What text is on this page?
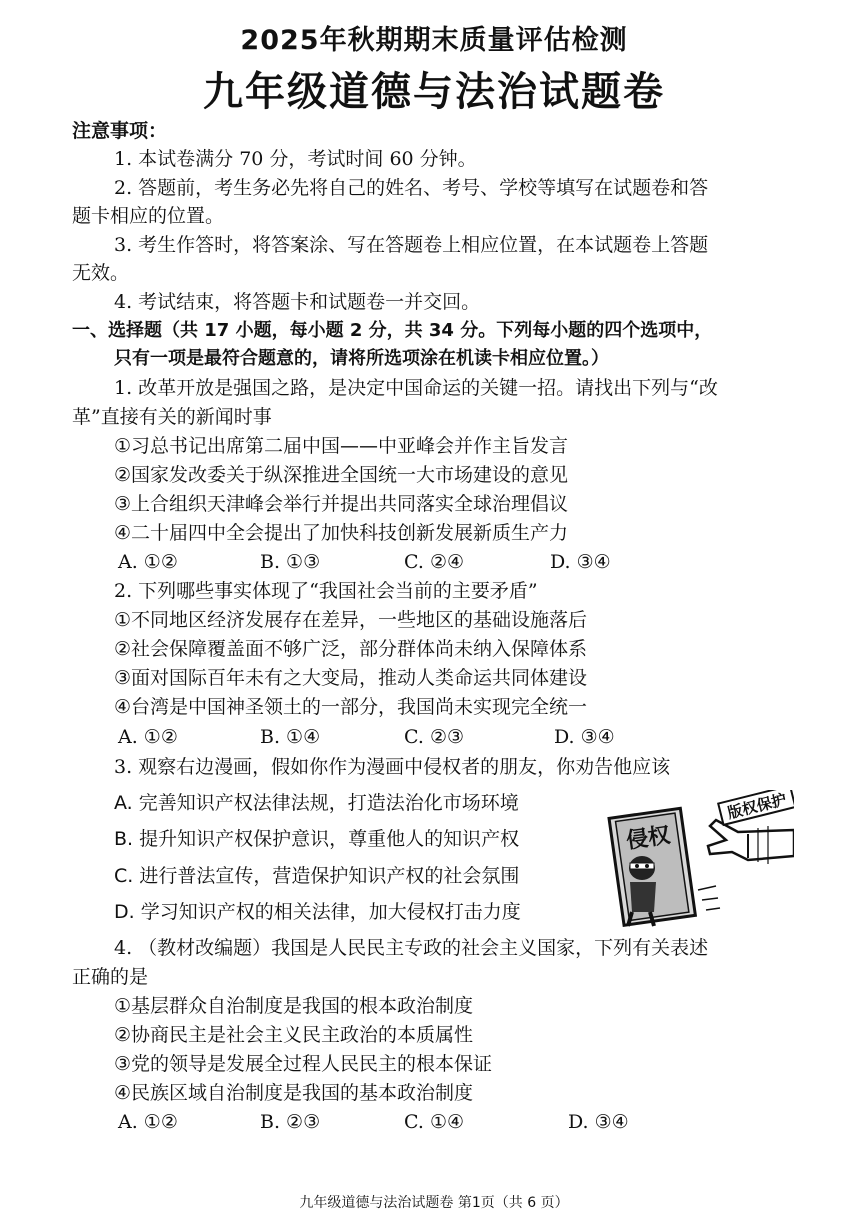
2025年秋期期末质量评估检测
九年级道德与法治试题卷
注意事项：
1. 本试卷满分 70 分，考试时间 60 分钟。
2. 答题前，考生务必先将自己的姓名、考号、学校等填写在试题卷和答
题卡相应的位置。
3. 考生作答时，将答案涂、写在答题卷上相应位置，在本试题卷上答题
无效。
4. 考试结束，将答题卡和试题卷一并交回。
一、选择题（共 17 小题，每小题 2 分，共 34 分。下列每小题的四个选项中，
只有一项是最符合题意的，请将所选项涂在机读卡相应位置。）
1. 改革开放是强国之路，是决定中国命运的关键一招。请找出下列与“改
革”直接有关的新闻时事
①习总书记出席第二届中国——中亚峰会并作主旨发言
②国家发改委关于纵深推进全国统一大市场建设的意见
③上合组织天津峰会举行并提出共同落实全球治理倡议
④二十届四中全会提出了加快科技创新发展新质生产力
A. ①②	B. ①③	C. ②④	D. ③④
2. 下列哪些事实体现了“我国社会当前的主要矛盾”
①不同地区经济发展存在差异，一些地区的基础设施落后
②社会保障覆盖面不够广泛，部分群体尚未纳入保障体系
③面对国际百年未有之大变局，推动人类命运共同体建设
④台湾是中国神圣领土的一部分，我国尚未实现完全统一
A. ①②	B. ①④	C. ②③	D. ③④
3. 观察右边漫画，假如你作为漫画中侵权者的朋友，你劝告他应该
A. 完善知识产权法律法规，打造法治化市场环境
B. 提升知识产权保护意识，尊重他人的知识产权
C. 进行普法宣传，营造保护知识产权的社会氛围
D. 学习知识产权的相关法律，加大侵权打击力度
侵权
版权保护
4. （教材改编题）我国是人民民主专政的社会主义国家，下列有关表述
正确的是
①基层群众自治制度是我国的根本政治制度
②协商民主是社会主义民主政治的本质属性
③党的领导是发展全过程人民民主的根本保证
④民族区域自治制度是我国的基本政治制度
A. ①②	B. ②③	C. ①④	D. ③④
九年级道德与法治试题卷 第1页（共 6 页）
